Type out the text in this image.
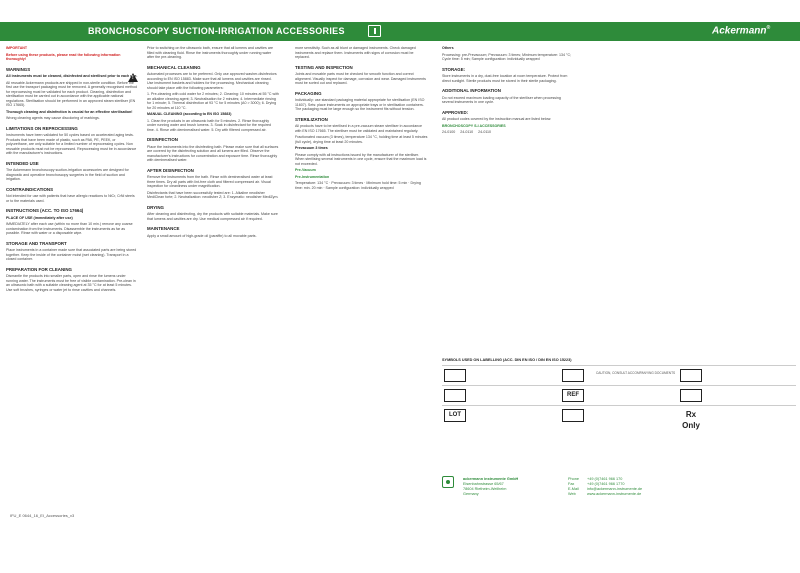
BRONCHOSCOPY SUCTION-IRRIGATION ACCESSORIES	Ackermann®

IMPORTANT

Before using these products, please read the following information thoroughly!

WARNINGS

All instruments must be cleaned, disinfected and sterilised prior to each use.

All reusable Ackermann products are shipped in non-sterile condition. Before the first use the transport packaging must be removed. A generally recognised method for reprocessing must be validated for each product. Cleaning, disinfection and sterilisation must be carried out in accordance with the applicable national regulations. Sterilisation should be performed in an approved steam steriliser (EN ISO 17665).

Thorough cleaning and disinfection is crucial for an effective sterilisation!

Wrong cleaning agents may cause discoloring of markings.

LIMITATIONS ON REPROCESSING

Instruments have been validated for 50 cycles based on accelerated aging tests. Products that have been made of plastic, such as PA6, PE, PEEK, or polyurethane, are only suitable for a limited number of reprocessing cycles. Non reusable products must not be reprocessed. Reprocessing must be in accordance with the manufacturer's instructions.

INTENDED USE

The Ackermann bronchoscopy suction-irrigation accessories are designed for diagnostic and operative bronchoscopy surgeries in the field of suction and irrigation.

CONTRAINDICATIONS

Not intended for use with patients that have allergic reactions to NiCr, CrNi steels or to the materials used.

INSTRUCTIONS (ACC. TO ISO 17664)

PLACE OF USE (immediately after use)

IMMEDIATELY after each use (within no more than 10 min.) remove any coarse contamination from the instruments. Disassemble the instruments as far as possible. Rinse with water or a disposable wipe.

STORAGE AND TRANSPORT

Place instruments in a container made sure that associated parts are being stored together. Keep the inside of the container moist (wet cleaning). Transport in a closed container.

PREPARATION FOR CLEANING

Dismantle the products into smaller parts, open and rinse the lumens under running water. The instruments must be free of visible contamination. Pre-clean in an ultrasonic bath with a suitable cleaning agent at 35 °C for at least 5 minutes. Use soft brushes, syringes or water jet to rinse cavities and channels.

!

Prior to switching on the ultrasonic bath, ensure that all lumens and cavities are filled with cleaning fluid. Rinse the instruments thoroughly under running water after the pre-cleaning.

MECHANICAL CLEANING

Automated processes are to be preferred. Only use approved washer-disinfectors according to EN ISO 15883. Make sure that all lumens and cavities are rinsed. Use instrument baskets and holders for the processing. Mechanical cleaning should take place with the following parameters:

1. Pre-cleaning with cold water for 2 minutes; 2. Cleaning: 10 minutes at 55 °C with an alkaline cleaning agent; 3. Neutralisation for 2 minutes; 4. Intermediate rinsing for 1 minute; 5. Thermal disinfection at 93 °C for 5 minutes (A0 > 3000); 6. Drying for 20 minutes at 110 °C.

MANUAL CLEANING (according to EN ISO 15883)

1. Clean the products in an ultrasonic bath for 5 minutes. 2. Rinse thoroughly under running water and brush lumens. 3. Soak in disinfectant for the required time. 4. Rinse with demineralised water. 5. Dry with filtered compressed air.

DISINFECTION

Place the instruments into the disinfecting bath. Please make sure that all surfaces are covered by the disinfecting solution and all lumens are filled. Observe the manufacturer's instructions for concentration and exposure time. Rinse thoroughly with demineralised water.

AFTER DISINFECTION

Remove the instruments from the bath. Rinse with demineralised water at least three times. Dry all parts with lint-free cloth and filtered compressed air. Visual inspection for cleanliness under magnification.

Disinfectants that have been successfully tested are: 1. Alkaline neodisher MediClean forte; 2. Neutralization: neodisher Z; 3. Enzymatic: neodisher MediZym.

DRYING

After cleaning and disinfecting, dry the products with suitable materials. Make sure that lumens and cavities are dry. Use medical compressed air if required.

MAINTENANCE

Apply a small amount of high-grade oil (paraffin) to all movable parts.

more sensitivity. Such as all blunt or damaged instruments. Check damaged instruments and replace them. Instruments with signs of corrosion must be replaced.

TESTING AND INSPECTION

Joints and movable parts must be checked for smooth function and correct alignment. Visually inspect for damage, corrosion and wear. Damaged instruments must be sorted out and replaced.

PACKAGING

Individually: use standard packaging material appropriate for sterilisation (EN ISO 11607). Sets: place instruments on appropriate trays or in sterilisation containers. The packaging must be large enough so the instrument fits without tension.

STERILIZATION

All products have to be sterilised in a pre-vacuum steam steriliser in accordance with EN ISO 17665. The steriliser must be validated and maintained regularly.

Fractionated vacuum (3 times), temperature 134 °C, holding time at least 5 minutes (full cycle), drying time at least 20 minutes.

Prevacuum 3 times

Please comply with all instructions issued by the manufacturer of the steriliser. When sterilising several instruments in one cycle, ensure that the maximum load is not exceeded.

Pre-Vacuum

Pre-Instrumentation

Temperature: 134 °C · Prevacuum: 3 times · Minimum hold time: 5 min · Drying time: min. 20 min · Sample configuration: individually wrapped

Others

Processing: pre-Prevacuum; Prevacuum: 3 times; Minimum temperature: 134 °C; Cycle time: 5 min; Sample configuration: individually wrapped

STORAGE:

Store instruments in a dry, dust-free location at room temperature. Protect from direct sunlight. Sterile products must be stored in their sterile packaging.

ADDITIONAL INFORMATION

Do not exceed maximum loading capacity of the steriliser when processing several instruments in one cycle.

APPROVED:

All product codes covered by the instruction manual are listed below:

BRONCHOSCOPY S-I ACCESSORIES

24-0100 24-0110 24-0110

SYMBOLS USED ON LABELLING (ACC. DIN EN ISO / DIN EN ISO 15223)
CAUTION, CONSULT ACCOMPANYING DOCUMENTS
REF
LOT	Rx Only
ackermann instrumente GmbH
Eisenbahnstrasse 65/67
78604 Rietheim-Weilheim
Germany
Phone
Fax
E-Mail
Web
+49 (0)7461 966 170
+49 (0)7461 966 1770
info@ackermann-instrumente.de
www.ackermann-instrumente.de
IFU_E 0644_16_EI_Accessories_v3
